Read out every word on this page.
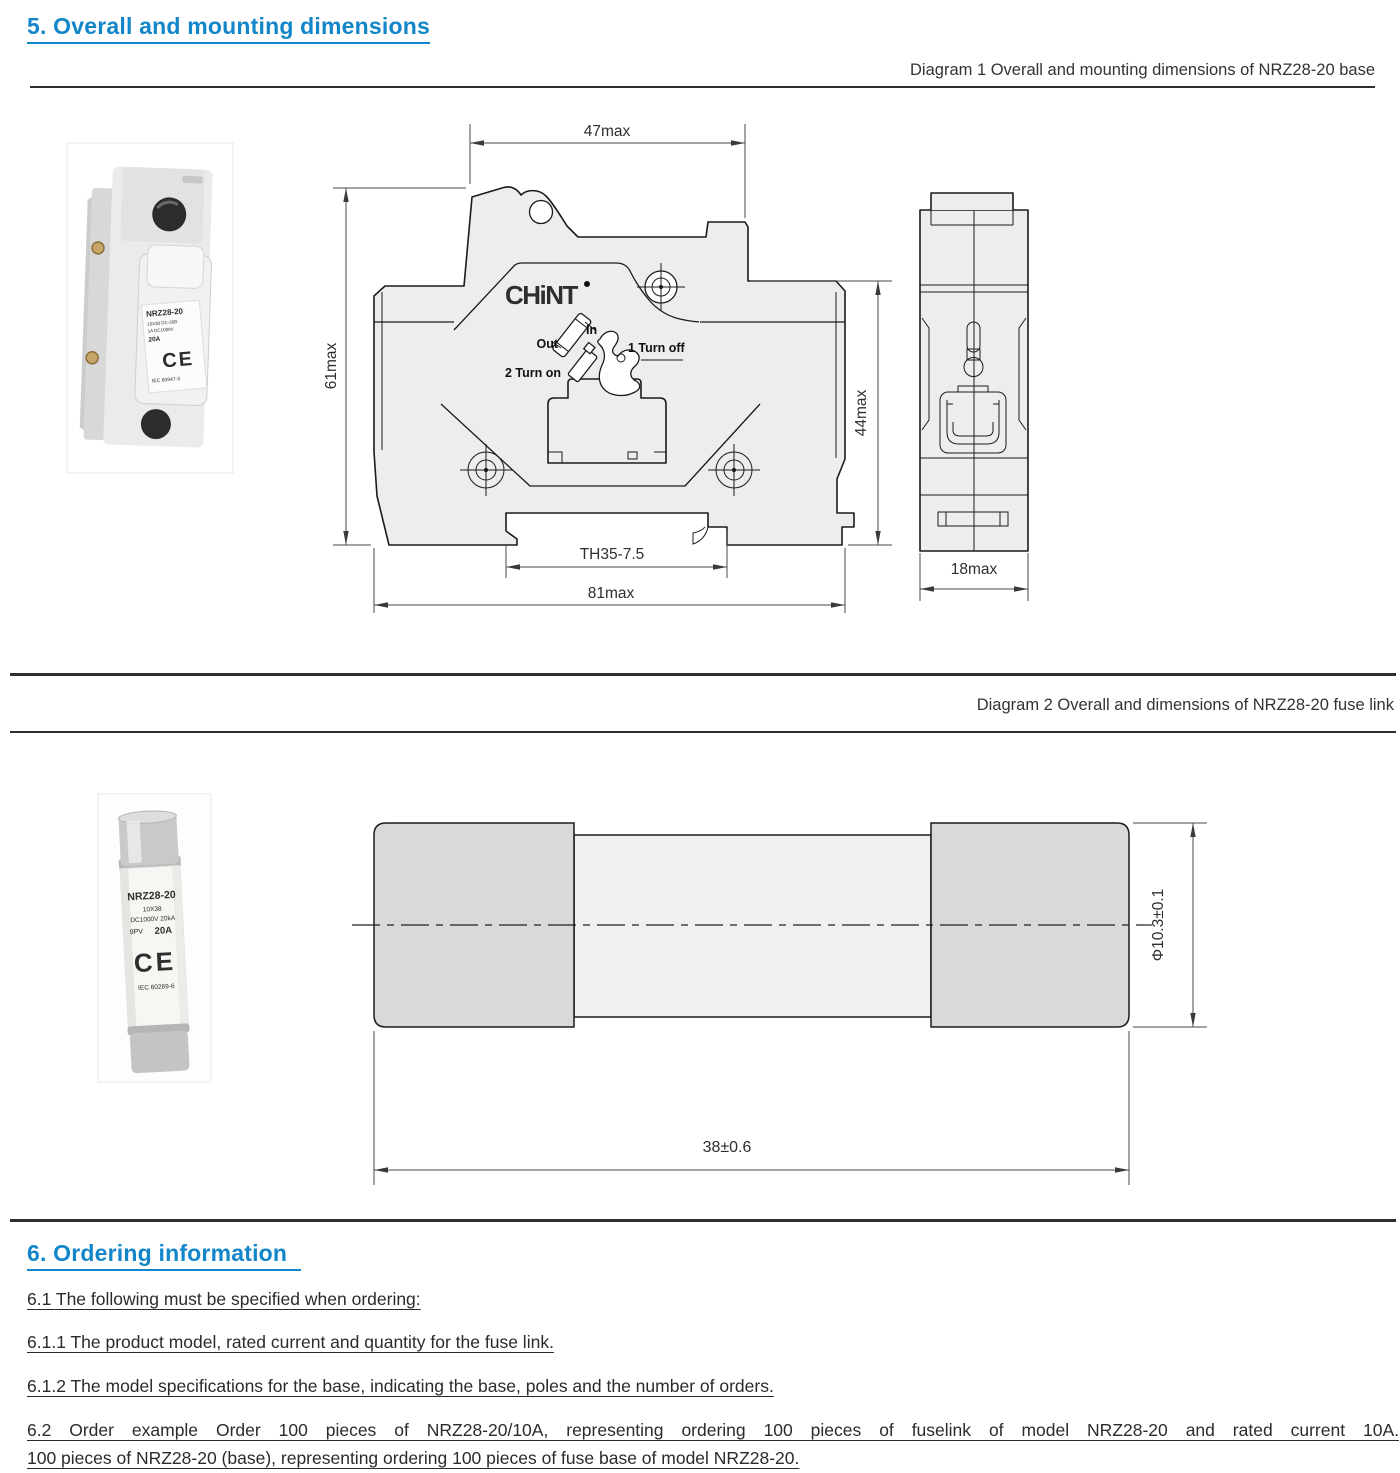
5. Overall and mounting dimensions
Diagram 1 Overall and mounting dimensions of NRZ28-20 base
NRZ28-20
10X38 DC-20B
1A DC1000V
20A
CE
IEC 60947-3
CHiNT
In
Out	1 Turn off
2 Turn on
47max
61max
44max
TH35-7.5
81max
18max
Diagram 2 Overall and dimensions of NRZ28-20 fuse link
NRZ28-20
10X38
DC1000V 20kA
9PV 20A
CE
IEC 60269-6
Φ10.3±0.1
38±0.6
6. Ordering information
6.1 The following must be specified when ordering:
6.1.1 The product model, rated current and quantity for the fuse link.
6.1.2 The model specifications for the base, indicating the base, poles and the number of orders.
6.2 Order example Order 100 pieces of NRZ28-20/10A, representing ordering 100 pieces of fuselink of model NRZ28-20 and rated current 10A.
100 pieces of NRZ28-20 (base), representing ordering 100 pieces of fuse base of model NRZ28-20.
